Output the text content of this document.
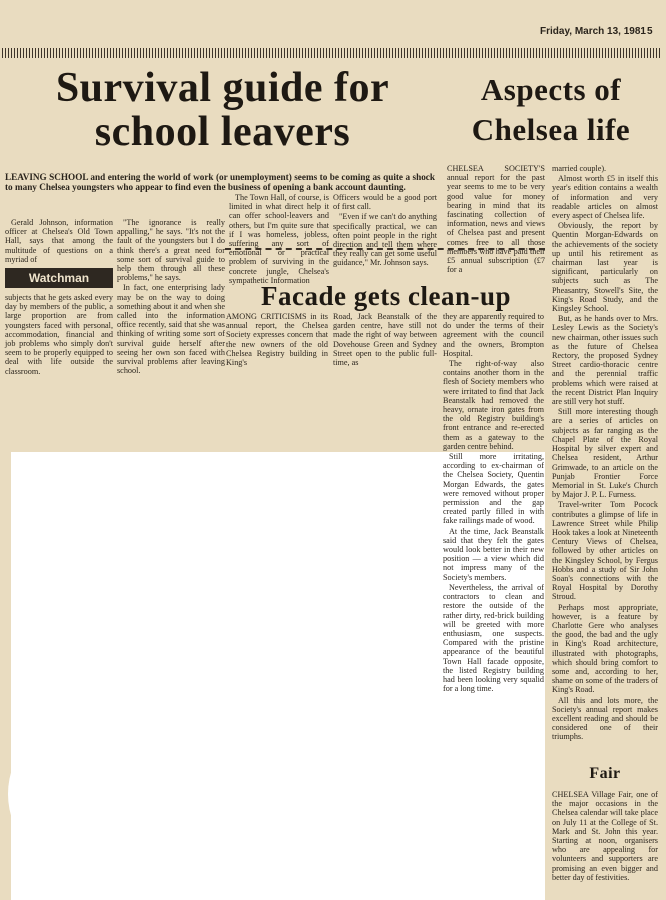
Friday, March 13, 1981 5
Survival guide for school leavers
LEAVING SCHOOL and entering the world of work (or unemployment) seems to be coming as quite a shock to many Chelsea youngsters who appear to find even the business of opening a bank account daunting.

Gerald Johnson, information officer at Chelsea's Old Town Hall, says that among the multitude of questions on a myriad of

Watchman

subjects that he gets asked every day by members of the public, a large proportion are from youngsters faced with personal, accommodation, financial and job problems who simply don't seem to be properly equipped to deal with life outside the classroom.

"The ignorance is really appalling," he says. "It's not the fault of the youngsters but I do think there's a great need for some sort of survival guide to help them through all these problems," he says.

In fact, one enterprising lady may be on the way to doing something about it and when she called into the information office recently, said that she was thinking of writing some sort of survival guide herself after seeing her own son faced with survival problems after leaving school.

The Town Hall, of course, is limited in what direct help it can offer school-leavers and others, but I'm quite sure that if I was homeless, jobless, suffering any sort of emotional or practical problem of surviving in the concrete jungle, Chelsea's sympathetic Information

Officers would be a good port of first call.

"Even if we can't do anything specifically practical, we can often point people in the right direction and tell them where they really can get some useful guidance," Mr. Johnson says.

Aspects of Chelsea life

CHELSEA SOCIETY'S annual report for the past year seems to me to be very good value for money bearing in mind that its fascinating collection of information, news and views of Chelsea past and present comes free to all those members who have paid their £5 annual subscription (£7 for a

married couple).

Almost worth £5 in itself this year's edition contains a wealth of information and very readable articles on almost every aspect of Chelsea life.

Obviously, the report by Quentin Morgan-Edwards on the achievements of the society up until his retirement as chairman last year is significant, particularly on subjects such as The Pheasantry, Stowell's Site, the King's Road Study, and the Kingsley School.

But, as he hands over to Mrs. Lesley Lewis as the Society's new chairman, other issues such as the future of Chelsea Rectory, the proposed Sydney Street cardio-thoracic centre and the perennial traffic problems which were raised at the recent District Plan Inquiry are still very hot stuff.

Still more interesting though are a series of articles on subjects as far ranging as the Chapel Plate of the Royal Hospital by silver expert and Chelsea resident, Arthur Grimwade, to an article on the Punjab Frontier Force Memorial in St. Luke's Church by Major J. P. L. Furness.

Travel-writer Tom Pocock contributes a glimpse of life in Lawrence Street while Philip Hook takes a look at Nineteenth Century Views of Chelsea, followed by other articles on the Kingsley School, by Fergus Hobbs and a study of Sir John Soan's connections with the Royal Hospital by Dorothy Stroud.

Perhaps most appropriate, however, is a feature by Charlotte Gere who analyses the good, the bad and the ugly in King's Road architecture, illustrated with photographs, which should bring comfort to some and, according to her, shame on some of the traders of King's Road.

All this and lots more, the Society's annual report makes excellent reading and should be considered one of their triumphs.

Facade gets clean-up

AMONG CRITICISMS in its annual report, the Chelsea Society expresses concern that the new owners of the old Chelsea Registry building in King's

Road, Jack Beanstalk of the garden centre, have still not made the right of way between Dovehouse Green and Sydney Street open to the public full-time, as

they are apparently required to do under the terms of their agreement with the council and the owners, Brompton Hospital.

The right-of-way also contains another thorn in the flesh of Society members who were irritated to find that Jack Beanstalk had removed the heavy, ornate iron gates from the old Registry building's front entrance and re-erected them as a gateway to the garden centre behind.

Still more irritating, according to ex-chairman of the Chelsea Society, Quentin Morgan Edwards, the gates were removed without proper permission and the gap created partly filled in with fake railings made of wood.

At the time, Jack Beanstalk said that they felt the gates would look better in their new position — a view which did not impress many of the Society's members.

Nevertheless, the arrival of contractors to clean and restore the outside of the rather dirty, red-brick building will be greeted with more enthusiasm, one suspects. Compared with the pristine appearance of the beautiful Town Hall facade opposite, the listed Registry building had been looking very squalid for a long time.

Fair

CHELSEA Village Fair, one of the major occasions in the Chelsea calendar will take place on July 11 at the College of St. Mark and St. John this year. Starting at noon, organisers who are appealing for volunteers and supporters are promising an even bigger and better day of festivities.
